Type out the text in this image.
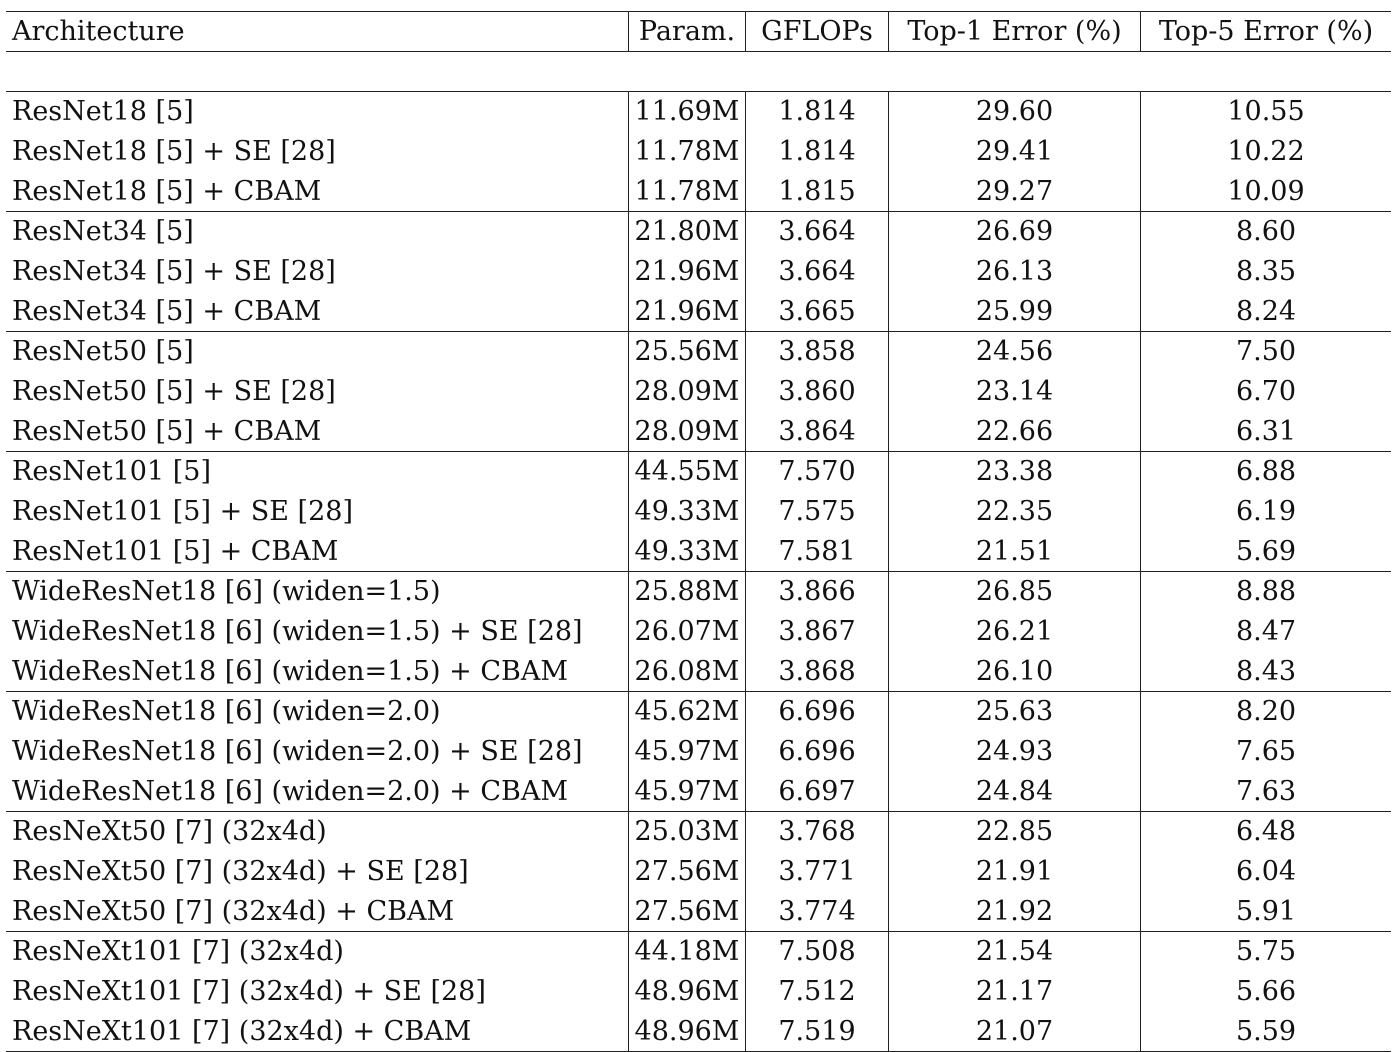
Architecture	Param.	GFLOPs	Top-1 Error (%)	Top-5 Error (%)

ResNet18 [5]	11.69M	1.814	29.60	10.55
ResNet18 [5] + SE [28]	11.78M	1.814	29.41	10.22
ResNet18 [5] + CBAM	11.78M	1.815	29.27	10.09
ResNet34 [5]	21.80M	3.664	26.69	8.60
ResNet34 [5] + SE [28]	21.96M	3.664	26.13	8.35
ResNet34 [5] + CBAM	21.96M	3.665	25.99	8.24
ResNet50 [5]	25.56M	3.858	24.56	7.50
ResNet50 [5] + SE [28]	28.09M	3.860	23.14	6.70
ResNet50 [5] + CBAM	28.09M	3.864	22.66	6.31
ResNet101 [5]	44.55M	7.570	23.38	6.88
ResNet101 [5] + SE [28]	49.33M	7.575	22.35	6.19
ResNet101 [5] + CBAM	49.33M	7.581	21.51	5.69
WideResNet18 [6] (widen=1.5)	25.88M	3.866	26.85	8.88
WideResNet18 [6] (widen=1.5) + SE [28]	26.07M	3.867	26.21	8.47
WideResNet18 [6] (widen=1.5) + CBAM	26.08M	3.868	26.10	8.43
WideResNet18 [6] (widen=2.0)	45.62M	6.696	25.63	8.20
WideResNet18 [6] (widen=2.0) + SE [28]	45.97M	6.696	24.93	7.65
WideResNet18 [6] (widen=2.0) + CBAM	45.97M	6.697	24.84	7.63
ResNeXt50 [7] (32x4d)	25.03M	3.768	22.85	6.48
ResNeXt50 [7] (32x4d) + SE [28]	27.56M	3.771	21.91	6.04
ResNeXt50 [7] (32x4d) + CBAM	27.56M	3.774	21.92	5.91
ResNeXt101 [7] (32x4d)	44.18M	7.508	21.54	5.75
ResNeXt101 [7] (32x4d) + SE [28]	48.96M	7.512	21.17	5.66
ResNeXt101 [7] (32x4d) + CBAM	48.96M	7.519	21.07	5.59
